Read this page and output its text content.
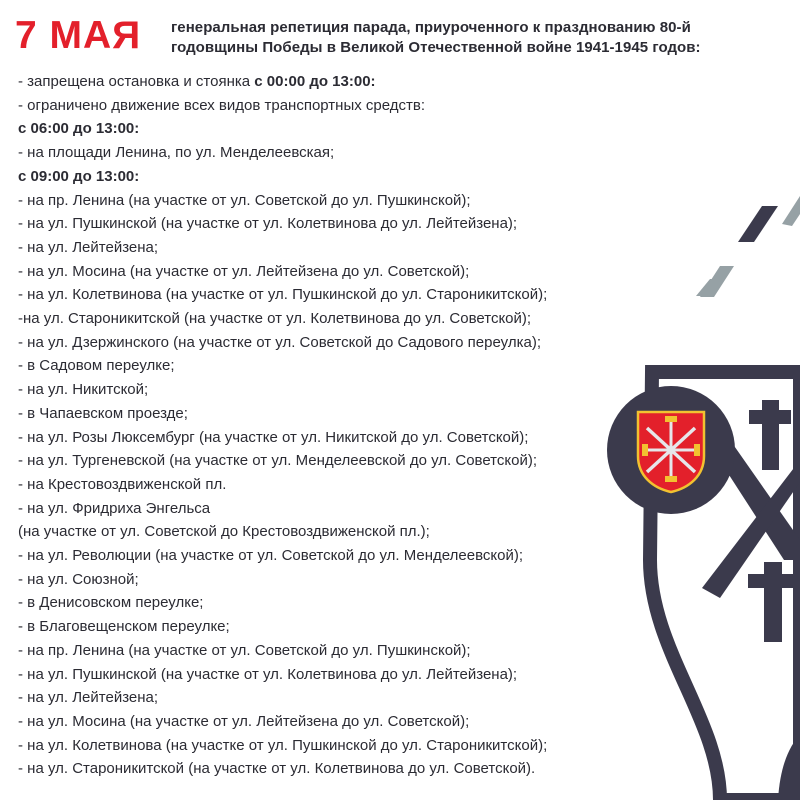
7 МАЯ генеральная репетиция парада, приуроченного к празднованию 80-й
годовщины Победы в Великой Отечественной войне 1941-1945 годов:
- запрещена остановка и стоянка с 00:00 до 13:00:
- ограничено движение всех видов транспортных средств:
с 06:00 до 13:00:
- на площади Ленина, по ул. Менделеевская;
с 09:00 до 13:00:
- на пр. Ленина (на участке от ул. Советской до ул. Пушкинской);
- на ул. Пушкинской (на участке от ул. Колетвинова до ул. Лейтейзена);
- на ул. Лейтейзена;
- на ул. Мосина (на участке от ул. Лейтейзена до ул. Советской);
- на ул. Колетвинова (на участке от ул. Пушкинской до ул. Староникитской);
-на ул. Староникитской (на участке от ул. Колетвинова до ул. Советской);
- на ул. Дзержинского (на участке от ул. Советской до Садового переулка);
- в Садовом переулке;
- на ул. Никитской;
- в Чапаевском проезде;
- на ул. Розы Люксембург (на участке от ул. Никитской до ул. Советской);
- на ул. Тургеневской (на участке от ул. Менделеевской до ул. Советской);
- на Крестовоздвиженской пл.
- на ул. Фридриха Энгельса
(на участке от ул. Советской до Крестовоздвиженской пл.);
- на ул. Революции (на участке от ул. Советской до ул. Менделеевской);
- на ул. Союзной;
- в Денисовском переулке;
- в Благовещенском переулке;
- на пр. Ленина (на участке от ул. Советской до ул. Пушкинской);
- на ул. Пушкинской (на участке от ул. Колетвинова до ул. Лейтейзена);
- на ул. Лейтейзена;
- на ул. Мосина (на участке от ул. Лейтейзена до ул. Советской);
- на ул. Колетвинова (на участке от ул. Пушкинской до ул. Староникитской);
- на ул. Староникитской (на участке от ул. Колетвинова до ул. Советской).
